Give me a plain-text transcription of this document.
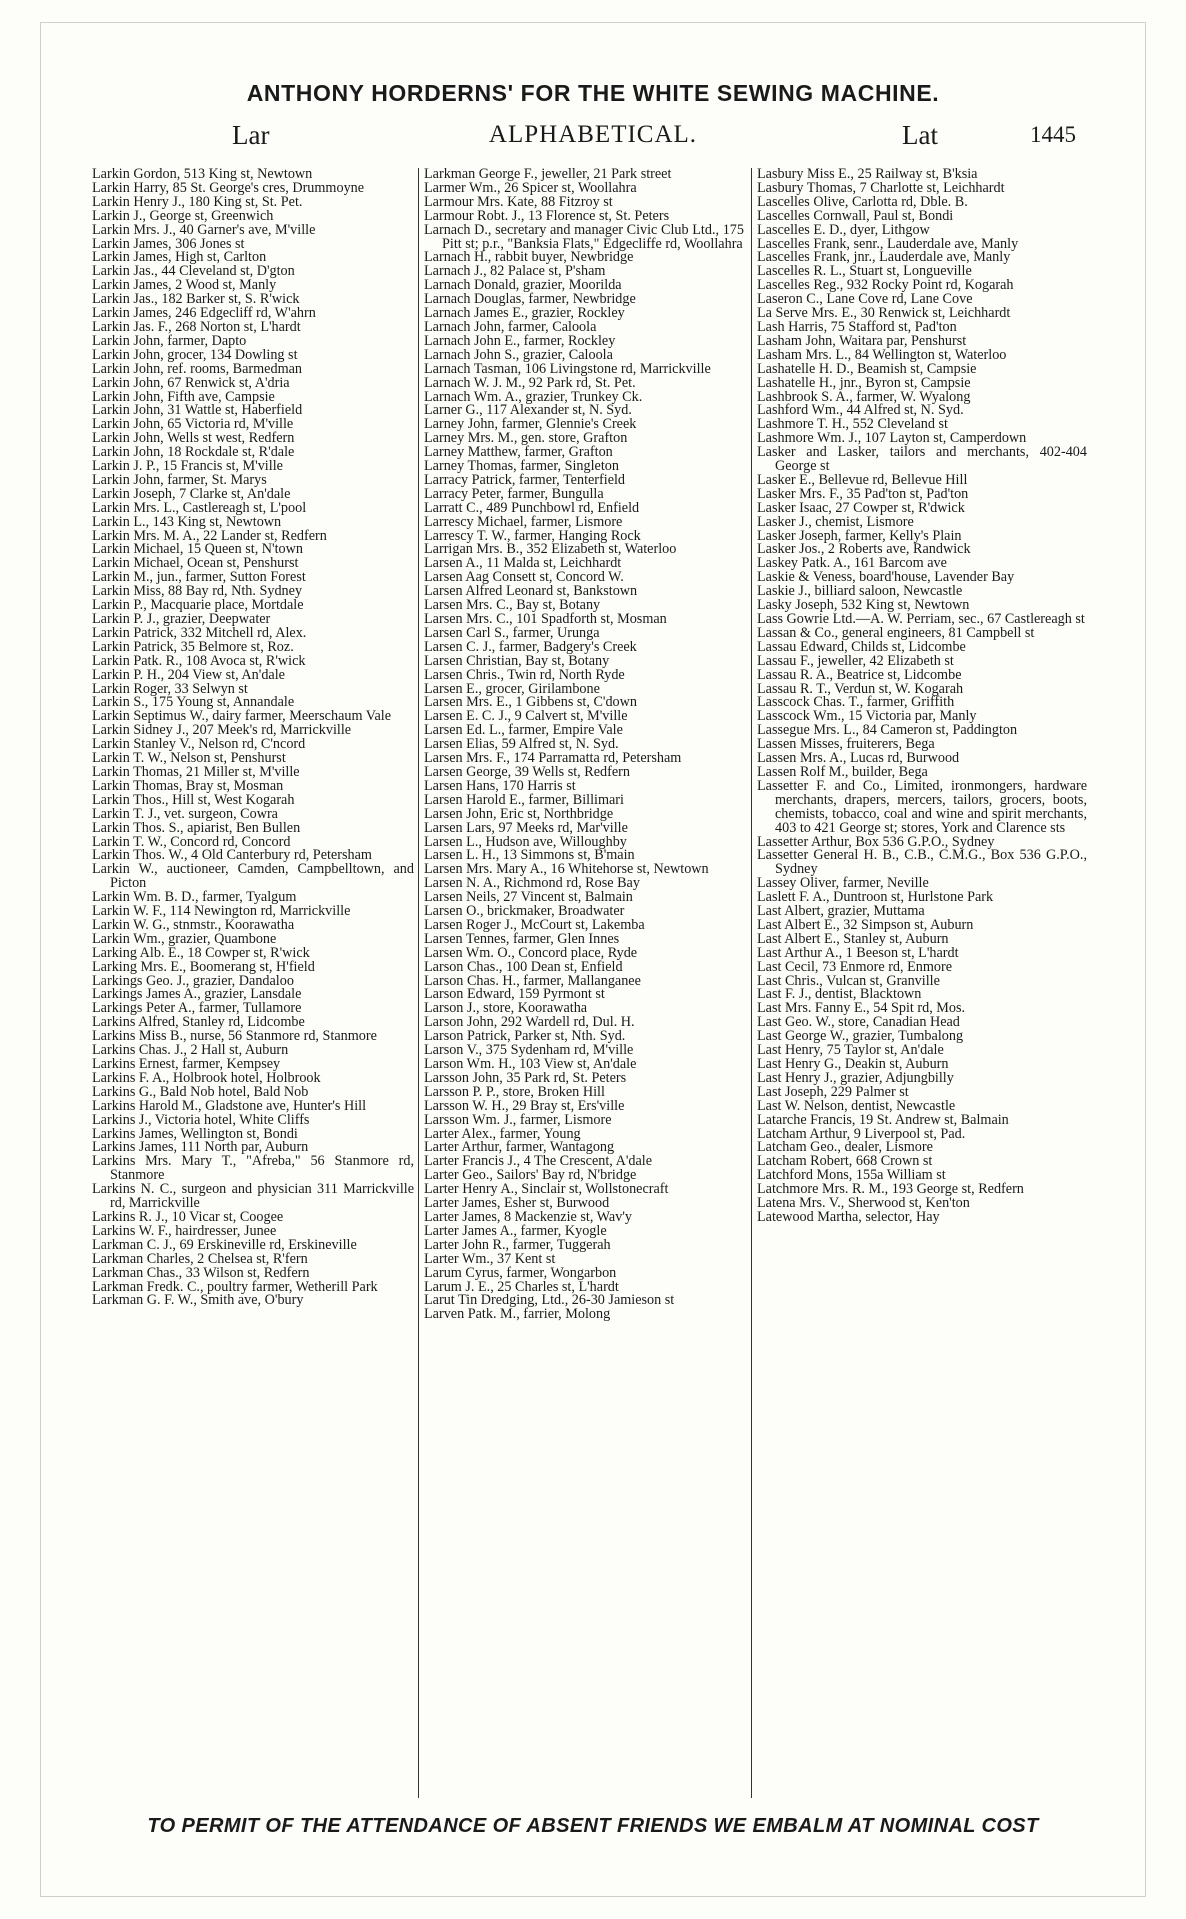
ANTHONY HORDERNS' FOR THE WHITE SEWING MACHINE.
Lar	ALPHABETICAL.	Lat	1445
Larkin Gordon, 513 King st, Newtown
Larkin Harry, 85 St. George's cres, Drummoyne
Larkin Henry J., 180 King st, St. Pet.
Larkin J., George st, Greenwich
Larkin Mrs. J., 40 Garner's ave, M'ville
Larkin James, 306 Jones st
Larkin James, High st, Carlton
Larkin Jas., 44 Cleveland st, D'gton
Larkin James, 2 Wood st, Manly
Larkin Jas., 182 Barker st, S. R'wick
Larkin James, 246 Edgecliff rd, W'ahrn
Larkin Jas. F., 268 Norton st, L'hardt
Larkin John, farmer, Dapto
Larkin John, grocer, 134 Dowling st
Larkin John, ref. rooms, Barmedman
Larkin John, 67 Renwick st, A'dria
Larkin John, Fifth ave, Campsie
Larkin John, 31 Wattle st, Haberfield
Larkin John, 65 Victoria rd, M'ville
Larkin John, Wells st west, Redfern
Larkin John, 18 Rockdale st, R'dale
Larkin J. P., 15 Francis st, M'ville
Larkin John, farmer, St. Marys
Larkin Joseph, 7 Clarke st, An'dale
Larkin Mrs. L., Castlereagh st, L'pool
Larkin L., 143 King st, Newtown
Larkin Mrs. M. A., 22 Lander st, Redfern
Larkin Michael, 15 Queen st, N'town
Larkin Michael, Ocean st, Penshurst
Larkin M., jun., farmer, Sutton Forest
Larkin Miss, 88 Bay rd, Nth. Sydney
Larkin P., Macquarie place, Mortdale
Larkin P. J., grazier, Deepwater
Larkin Patrick, 332 Mitchell rd, Alex.
Larkin Patrick, 35 Belmore st, Roz.
Larkin Patk. R., 108 Avoca st, R'wick
Larkin P. H., 204 View st, An'dale
Larkin Roger, 33 Selwyn st
Larkin S., 175 Young st, Annandale
Larkin Septimus W., dairy farmer, Meerschaum Vale
Larkin Sidney J., 207 Meek's rd, Marrickville
Larkin Stanley V., Nelson rd, C'ncord
Larkin T. W., Nelson st, Penshurst
Larkin Thomas, 21 Miller st, M'ville
Larkin Thomas, Bray st, Mosman
Larkin Thos., Hill st, West Kogarah
Larkin T. J., vet. surgeon, Cowra
Larkin Thos. S., apiarist, Ben Bullen
Larkin T. W., Concord rd, Concord
Larkin Thos. W., 4 Old Canterbury rd, Petersham
Larkin W., auctioneer, Camden, Campbelltown, and Picton
Larkin Wm. B. D., farmer, Tyalgum
Larkin W. F., 114 Newington rd, Marrickville
Larkin W. G., stnmstr., Koorawatha
Larkin Wm., grazier, Quambone
Larking Alb. E., 18 Cowper st, R'wick
Larking Mrs. E., Boomerang st, H'field
Larkings Geo. J., grazier, Dandaloo
Larkings James A., grazier, Lansdale
Larkings Peter A., farmer, Tullamore
Larkins Alfred, Stanley rd, Lidcombe
Larkins Miss B., nurse, 56 Stanmore rd, Stanmore
Larkins Chas. J., 2 Hall st, Auburn
Larkins Ernest, farmer, Kempsey
Larkins F. A., Holbrook hotel, Holbrook
Larkins G., Bald Nob hotel, Bald Nob
Larkins Harold M., Gladstone ave, Hunter's Hill
Larkins J., Victoria hotel, White Cliffs
Larkins James, Wellington st, Bondi
Larkins James, 111 North par, Auburn
Larkins Mrs. Mary T., "Afreba," 56 Stanmore rd, Stanmore
Larkins N. C., surgeon and physician 311 Marrickville rd, Marrickville
Larkins R. J., 10 Vicar st, Coogee
Larkins W. F., hairdresser, Junee
Larkman C. J., 69 Erskineville rd, Erskineville
Larkman Charles, 2 Chelsea st, R'fern
Larkman Chas., 33 Wilson st, Redfern
Larkman Fredk. C., poultry farmer, Wetherill Park
Larkman G. F. W., Smith ave, O'bury
Larkman George F., jeweller, 21 Park street
Larmer Wm., 26 Spicer st, Woollahra
Larmour Mrs. Kate, 88 Fitzroy st
Larmour Robt. J., 13 Florence st, St. Peters
Larnach D., secretary and manager Civic Club Ltd., 175 Pitt st; p.r., "Banksia Flats," Edgecliffe rd, Woollahra
Larnach H., rabbit buyer, Newbridge
Larnach J., 82 Palace st, P'sham
Larnach Donald, grazier, Moorilda
Larnach Douglas, farmer, Newbridge
Larnach James E., grazier, Rockley
Larnach John, farmer, Caloola
Larnach John E., farmer, Rockley
Larnach John S., grazier, Caloola
Larnach Tasman, 106 Livingstone rd, Marrickville
Larnach W. J. M., 92 Park rd, St. Pet.
Larnach Wm. A., grazier, Trunkey Ck.
Larner G., 117 Alexander st, N. Syd.
Larney John, farmer, Glennie's Creek
Larney Mrs. M., gen. store, Grafton
Larney Matthew, farmer, Grafton
Larney Thomas, farmer, Singleton
Larracy Patrick, farmer, Tenterfield
Larracy Peter, farmer, Bungulla
Larratt C., 489 Punchbowl rd, Enfield
Larrescy Michael, farmer, Lismore
Larrescy T. W., farmer, Hanging Rock
Larrigan Mrs. B., 352 Elizabeth st, Waterloo
Larsen A., 11 Malda st, Leichhardt
Larsen Aag Consett st, Concord W.
Larsen Alfred Leonard st, Bankstown
Larsen Mrs. C., Bay st, Botany
Larsen Mrs. C., 101 Spadforth st, Mosman
Larsen Carl S., farmer, Urunga
Larsen C. J., farmer, Badgery's Creek
Larsen Christian, Bay st, Botany
Larsen Chris., Twin rd, North Ryde
Larsen E., grocer, Girilambone
Larsen Mrs. E., 1 Gibbens st, C'down
Larsen E. C. J., 9 Calvert st, M'ville
Larsen Ed. L., farmer, Empire Vale
Larsen Elias, 59 Alfred st, N. Syd.
Larsen Mrs. F., 174 Parramatta rd, Petersham
Larsen George, 39 Wells st, Redfern
Larsen Hans, 170 Harris st
Larsen Harold E., farmer, Billimari
Larsen John, Eric st, Northbridge
Larsen Lars, 97 Meeks rd, Mar'ville
Larsen L., Hudson ave, Willoughby
Larsen L. H., 13 Simmons st, B'main
Larsen Mrs. Mary A., 16 Whitehorse st, Newtown
Larsen N. A., Richmond rd, Rose Bay
Larsen Neils, 27 Vincent st, Balmain
Larsen O., brickmaker, Broadwater
Larsen Roger J., McCourt st, Lakemba
Larsen Tennes, farmer, Glen Innes
Larsen Wm. O., Concord place, Ryde
Larson Chas., 100 Dean st, Enfield
Larson Chas. H., farmer, Mallanganee
Larson Edward, 159 Pyrmont st
Larson J., store, Koorawatha
Larson John, 292 Wardell rd, Dul. H.
Larson Patrick, Parker st, Nth. Syd.
Larson V., 375 Sydenham rd, M'ville
Larson Wm. H., 103 View st, An'dale
Larsson John, 35 Park rd, St. Peters
Larsson P. P., store, Broken Hill
Larsson W. H., 29 Bray st, Ers'ville
Larsson Wm. J., farmer, Lismore
Larter Alex., farmer, Young
Larter Arthur, farmer, Wantagong
Larter Francis J., 4 The Crescent, A'dale
Larter Geo., Sailors' Bay rd, N'bridge
Larter Henry A., Sinclair st, Wollstonecraft
Larter James, Esher st, Burwood
Larter James, 8 Mackenzie st, Wav'y
Larter James A., farmer, Kyogle
Larter John R., farmer, Tuggerah
Larter Wm., 37 Kent st
Larum Cyrus, farmer, Wongarbon
Larum J. E., 25 Charles st, L'hardt
Larut Tin Dredging, Ltd., 26-30 Jamieson st
Larven Patk. M., farrier, Molong
Lasbury Miss E., 25 Railway st, B'ksia
Lasbury Thomas, 7 Charlotte st, Leichhardt
Lascelles Olive, Carlotta rd, Dble. B.
Lascelles Cornwall, Paul st, Bondi
Lascelles E. D., dyer, Lithgow
Lascelles Frank, senr., Lauderdale ave, Manly
Lascelles Frank, jnr., Lauderdale ave, Manly
Lascelles R. L., Stuart st, Longueville
Lascelles Reg., 932 Rocky Point rd, Kogarah
Laseron C., Lane Cove rd, Lane Cove
La Serve Mrs. E., 30 Renwick st, Leichhardt
Lash Harris, 75 Stafford st, Pad'ton
Lasham John, Waitara par, Penshurst
Lasham Mrs. L., 84 Wellington st, Waterloo
Lashatelle H. D., Beamish st, Campsie
Lashatelle H., jnr., Byron st, Campsie
Lashbrook S. A., farmer, W. Wyalong
Lashford Wm., 44 Alfred st, N. Syd.
Lashmore T. H., 552 Cleveland st
Lashmore Wm. J., 107 Layton st, Camperdown
Lasker and Lasker, tailors and merchants, 402-404 George st
Lasker E., Bellevue rd, Bellevue Hill
Lasker Mrs. F., 35 Pad'ton st, Pad'ton
Lasker Isaac, 27 Cowper st, R'dwick
Lasker J., chemist, Lismore
Lasker Joseph, farmer, Kelly's Plain
Lasker Jos., 2 Roberts ave, Randwick
Laskey Patk. A., 161 Barcom ave
Laskie & Veness, board'house, Lavender Bay
Laskie J., billiard saloon, Newcastle
Lasky Joseph, 532 King st, Newtown
Lass Gowrie Ltd.—A. W. Perriam, sec., 67 Castlereagh st
Lassan & Co., general engineers, 81 Campbell st
Lassau Edward, Childs st, Lidcombe
Lassau F., jeweller, 42 Elizabeth st
Lassau R. A., Beatrice st, Lidcombe
Lassau R. T., Verdun st, W. Kogarah
Lasscock Chas. T., farmer, Griffith
Lasscock Wm., 15 Victoria par, Manly
Lassegue Mrs. L., 84 Cameron st, Paddington
Lassen Misses, fruiterers, Bega
Lassen Mrs. A., Lucas rd, Burwood
Lassen Rolf M., builder, Bega
Lassetter F. and Co., Limited, ironmongers, hardware merchants, drapers, mercers, tailors, grocers, boots, chemists, tobacco, coal and wine and spirit merchants, 403 to 421 George st; stores, York and Clarence sts
Lassetter Arthur, Box 536 G.P.O., Sydney
Lassetter General H. B., C.B., C.M.G., Box 536 G.P.O., Sydney
Lassey Oliver, farmer, Neville
Laslett F. A., Duntroon st, Hurlstone Park
Last Albert, grazier, Muttama
Last Albert E., 32 Simpson st, Auburn
Last Albert E., Stanley st, Auburn
Last Arthur A., 1 Beeson st, L'hardt
Last Cecil, 73 Enmore rd, Enmore
Last Chris., Vulcan st, Granville
Last F. J., dentist, Blacktown
Last Mrs. Fanny E., 54 Spit rd, Mos.
Last Geo. W., store, Canadian Head
Last George W., grazier, Tumbalong
Last Henry, 75 Taylor st, An'dale
Last Henry G., Deakin st, Auburn
Last Henry J., grazier, Adjungbilly
Last Joseph, 229 Palmer st
Last W. Nelson, dentist, Newcastle
Latarche Francis, 19 St. Andrew st, Balmain
Latcham Arthur, 9 Liverpool st, Pad.
Latcham Geo., dealer, Lismore
Latcham Robert, 668 Crown st
Latchford Mons, 155a William st
Latchmore Mrs. R. M., 193 George st, Redfern
Latena Mrs. V., Sherwood st, Ken'ton
Latewood Martha, selector, Hay
TO PERMIT OF THE ATTENDANCE OF ABSENT FRIENDS WE EMBALM AT NOMINAL COST
